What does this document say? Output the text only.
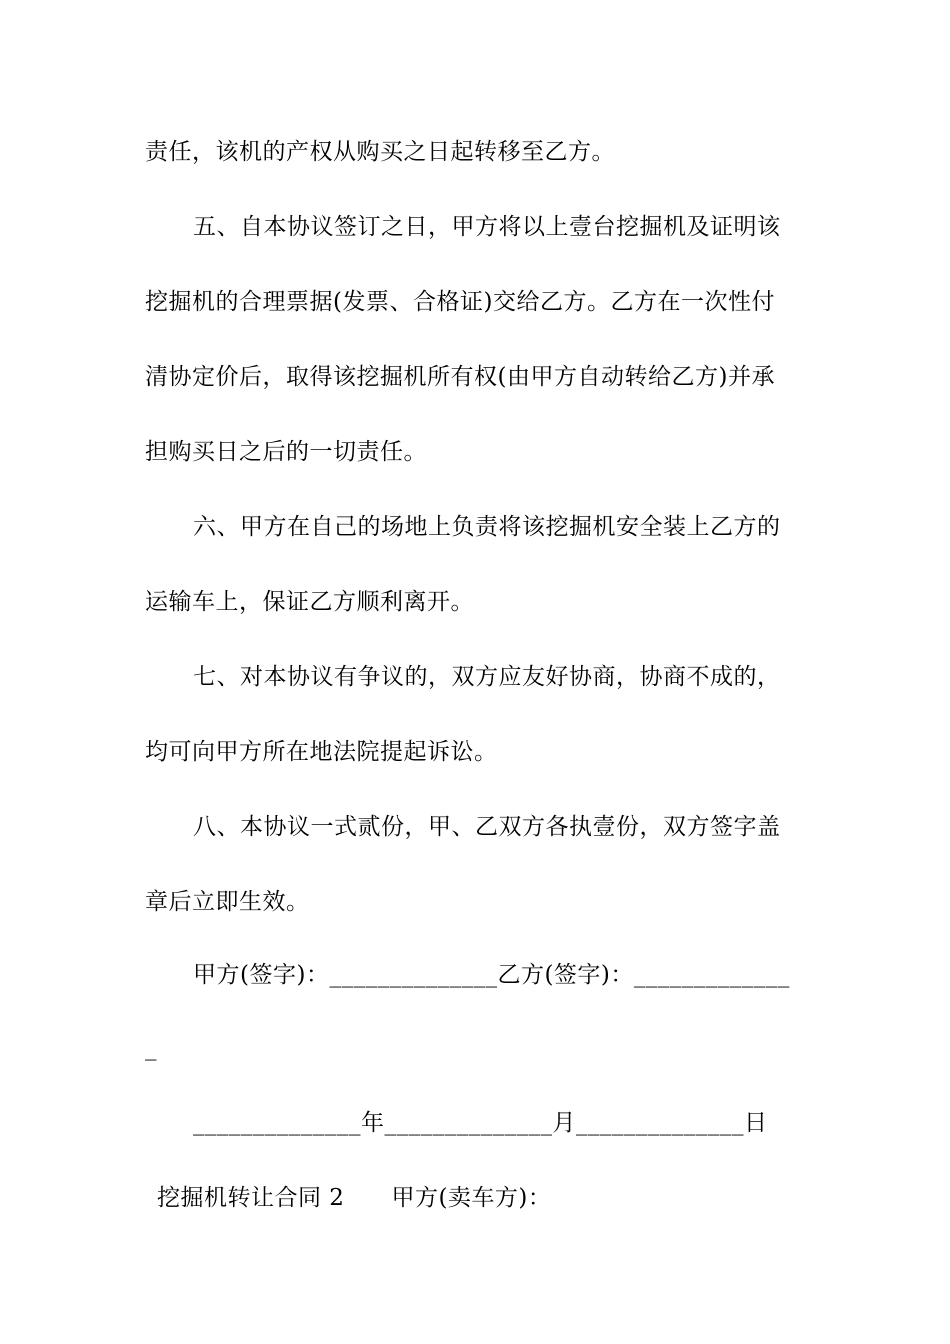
责任，该机的产权从购买之日起转移至乙方。
五、自本协议签订之日，甲方将以上壹台挖掘机及证明该
挖掘机的合理票据(发票、合格证)交给乙方。乙方在一次性付
清协定价后，取得该挖掘机所有权(由甲方自动转给乙方)并承
担购买日之后的一切责任。
六、甲方在自己的场地上负责将该挖掘机安全装上乙方的
运输车上，保证乙方顺利离开。
七、对本协议有争议的，双方应友好协商，协商不成的，
均可向甲方所在地法院提起诉讼。
八、本协议一式贰份，甲、乙双方各执壹份，双方签字盖
章后立即生效。
甲方(签字)：______________乙方(签字)：_____________
_
______________年______________月______________日
挖掘机转让合同 2　　甲方(卖车方)：
